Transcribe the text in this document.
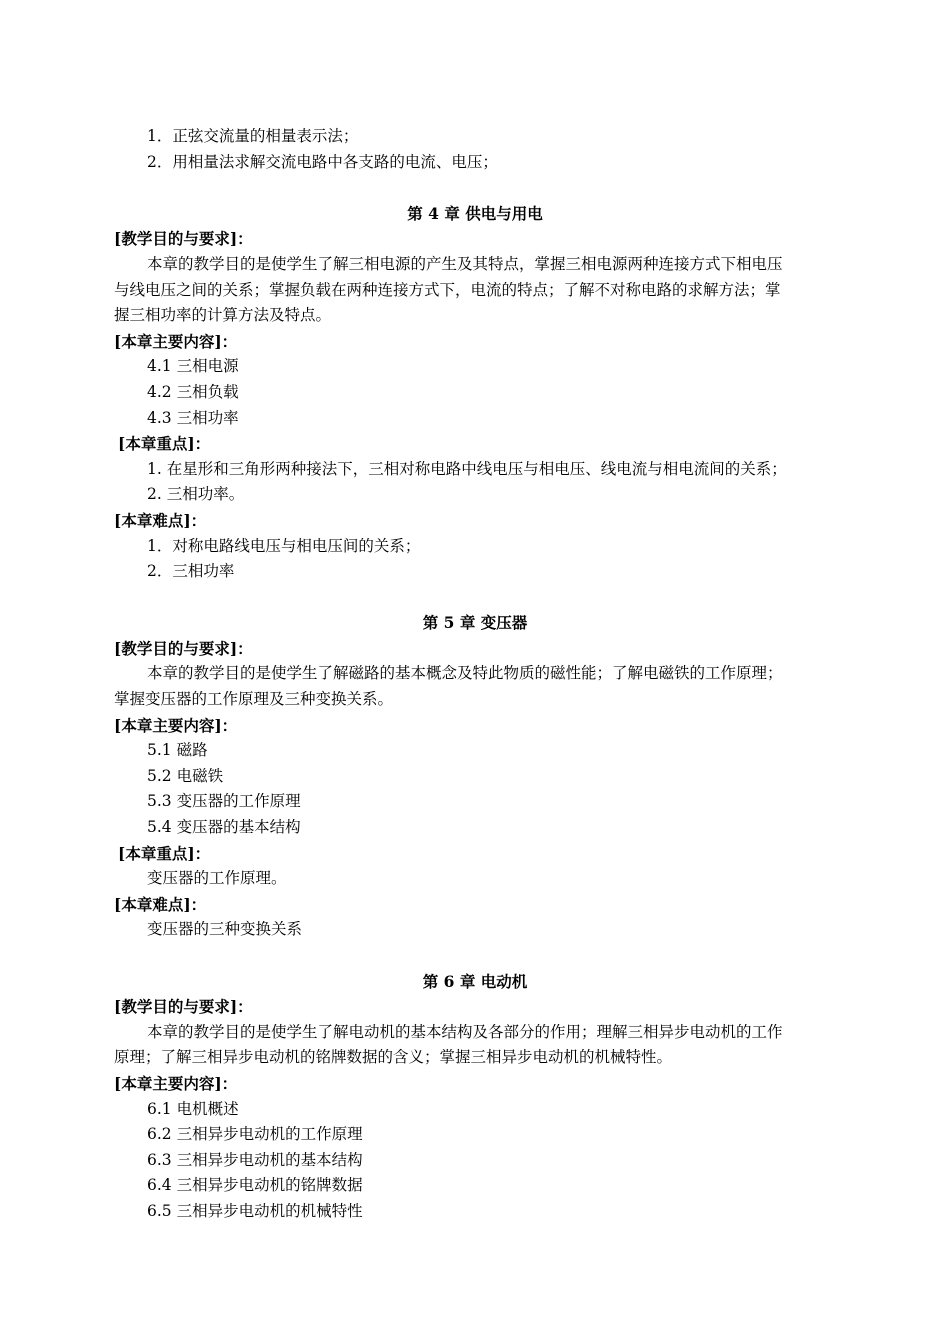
1．正弦交流量的相量表示法；
2．用相量法求解交流电路中各支路的电流、电压；
第 4 章 供电与用电
[教学目的与要求]：
本章的教学目的是使学生了解三相电源的产生及其特点，掌握三相电源两种连接方式下相电压
与线电压之间的关系；掌握负载在两种连接方式下，电流的特点；了解不对称电路的求解方法；掌
握三相功率的计算方法及特点。
[本章主要内容]：
4.1 三相电源
4.2 三相负载
4.3 三相功率
[本章重点]：
1. 在星形和三角形两种接法下，三相对称电路中线电压与相电压、线电流与相电流间的关系；
2. 三相功率。
[本章难点]：
1．对称电路线电压与相电压间的关系；
2．三相功率
第 5 章 变压器
[教学目的与要求]：
本章的教学目的是使学生了解磁路的基本概念及特此物质的磁性能；了解电磁铁的工作原理；
掌握变压器的工作原理及三种变换关系。
[本章主要内容]：
5.1 磁路
5.2 电磁铁
5.3 变压器的工作原理
5.4 变压器的基本结构
[本章重点]：
变压器的工作原理。
[本章难点]：
变压器的三种变换关系
第 6 章 电动机
[教学目的与要求]：
本章的教学目的是使学生了解电动机的基本结构及各部分的作用；理解三相异步电动机的工作
原理；了解三相异步电动机的铭牌数据的含义；掌握三相异步电动机的机械特性。
[本章主要内容]：
6.1 电机概述
6.2 三相异步电动机的工作原理
6.3 三相异步电动机的基本结构
6.4 三相异步电动机的铭牌数据
6.5 三相异步电动机的机械特性
